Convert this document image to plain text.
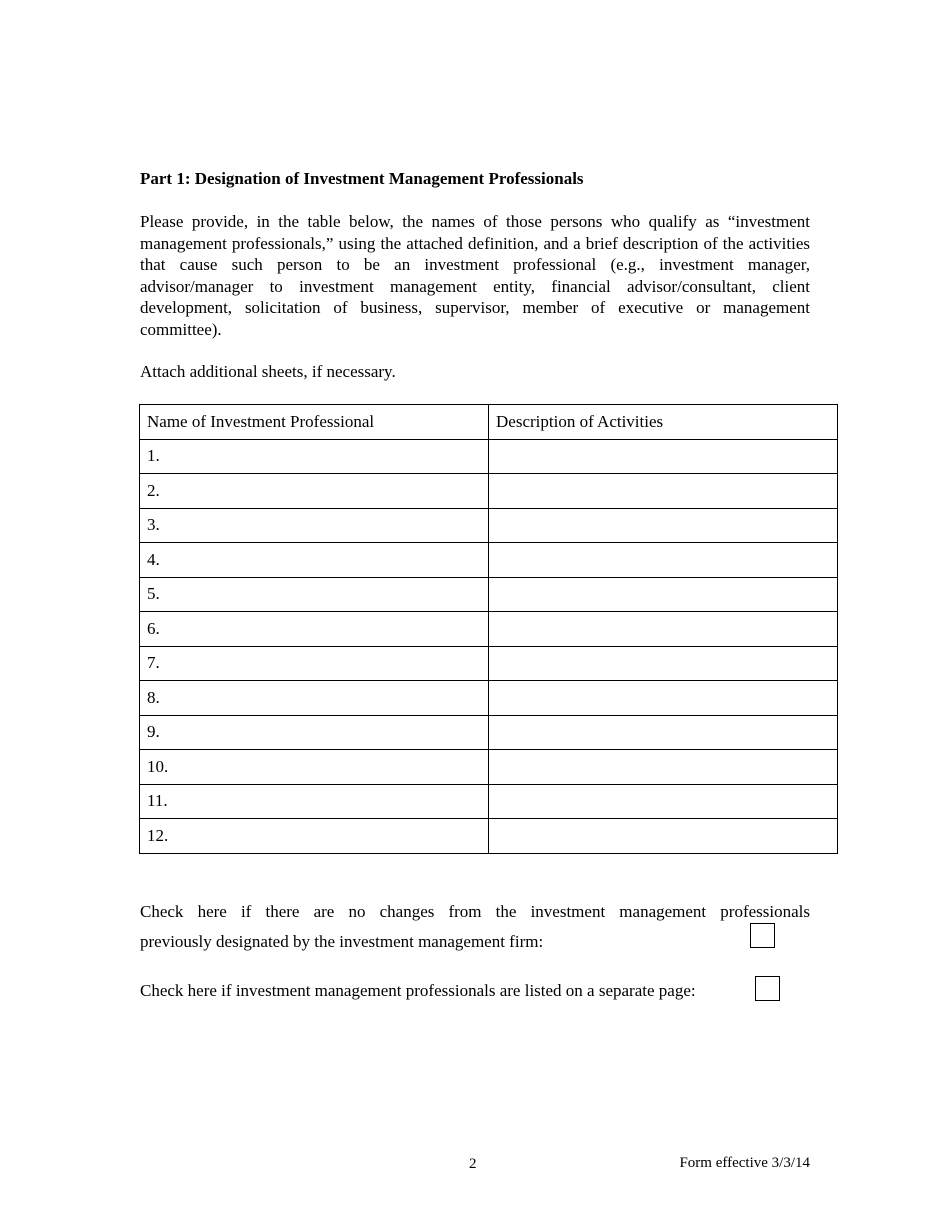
Part 1: Designation of Investment Management Professionals

Please provide, in the table below, the names of those persons who qualify as “investment management professionals,” using the attached definition, and a brief description of the activities that cause such person to be an investment professional (e.g., investment manager, advisor/manager to investment management entity, financial advisor/consultant, client development, solicitation of business, supervisor, member of executive or management committee).

Attach additional sheets, if necessary.

Name of Investment Professional	Description of Activities
1.	
2.	
3.	
4.	
5.	
6.	
7.	
8.	
9.	
10.	
11.	
12.	
Check here if there are no changes from the investment management professionals
previously designated by the investment management firm:

Check here if investment management professionals are listed on a separate page:

2	Form effective 3/3/14
